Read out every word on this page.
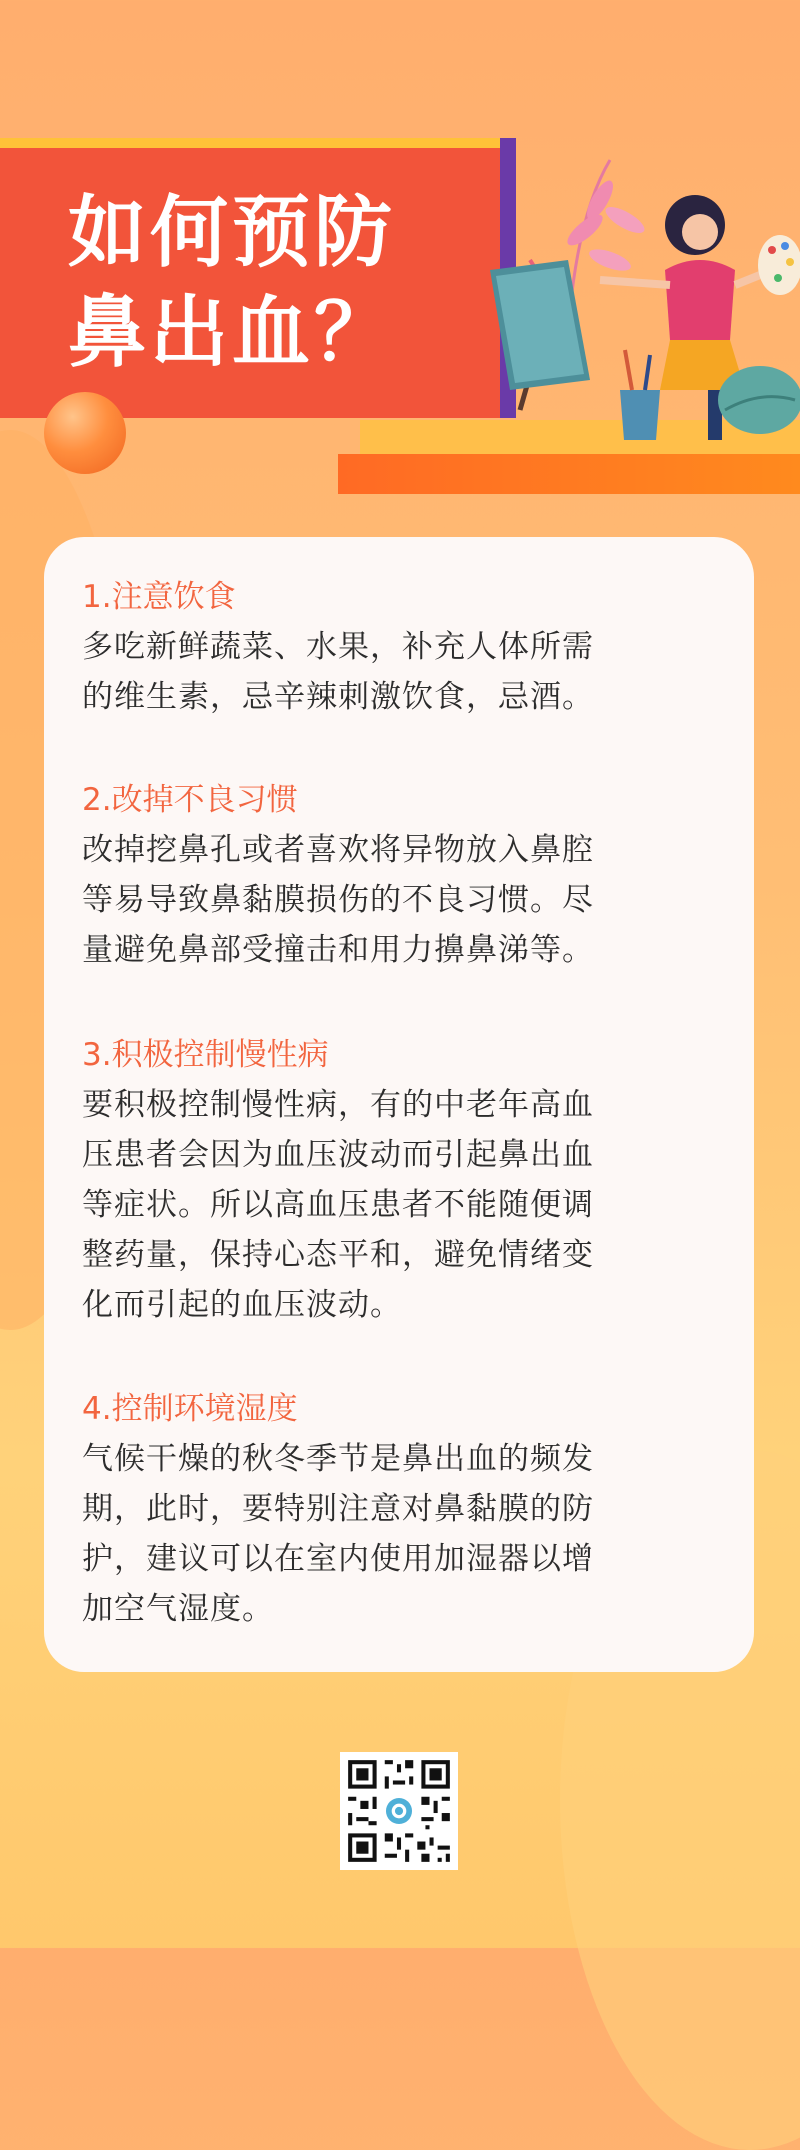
如何预防
鼻出血？

1.注意饮食

多吃新鲜蔬菜、水果，补充人体所需

的维生素，忌辛辣刺激饮食，忌酒。

2.改掉不良习惯

改掉挖鼻孔或者喜欢将异物放入鼻腔

等易导致鼻黏膜损伤的不良习惯。尽

量避免鼻部受撞击和用力擤鼻涕等。

3.积极控制慢性病

要积极控制慢性病，有的中老年高血

压患者会因为血压波动而引起鼻出血

等症状。所以高血压患者不能随便调

整药量，保持心态平和，避免情绪变

化而引起的血压波动。

4.控制环境湿度

气候干燥的秋冬季节是鼻出血的频发

期，此时，要特别注意对鼻黏膜的防

护，建议可以在室内使用加湿器以增

加空气湿度。
